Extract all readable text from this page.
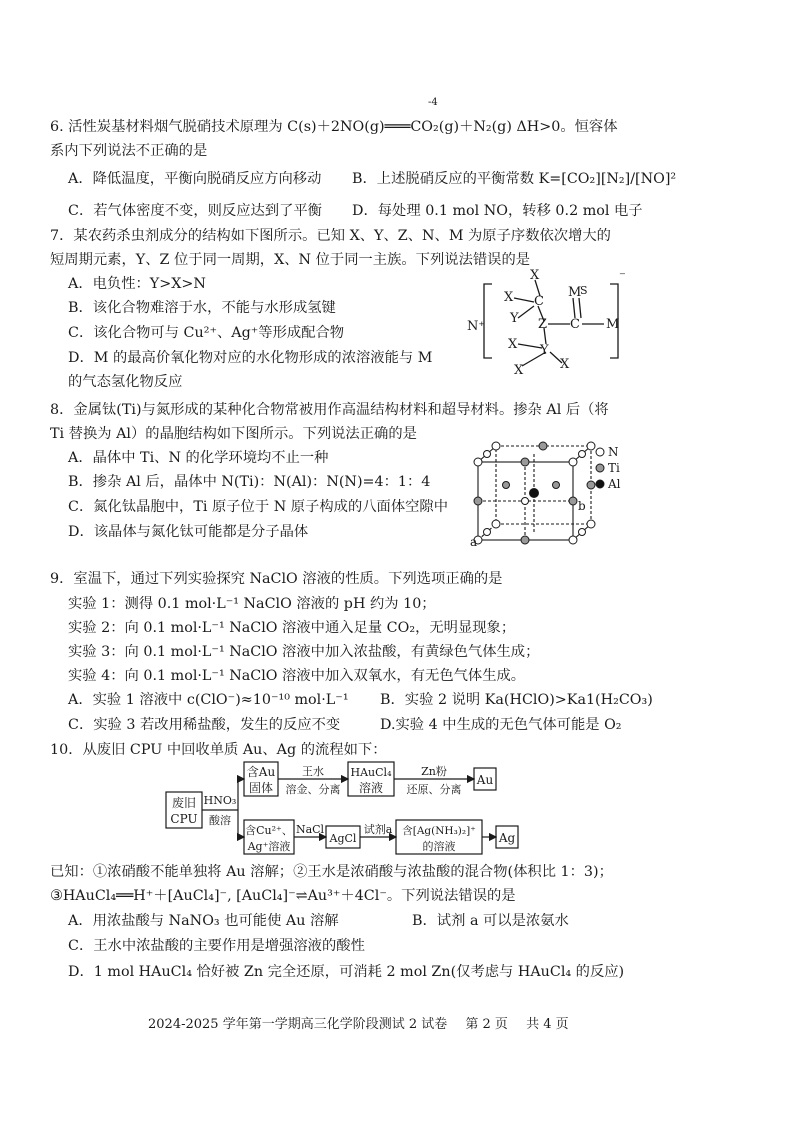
-4
6. 活性炭基材料烟气脱硝技术原理为 C(s)＋2NO(g)═══CO₂(g)＋N₂(g) ΔH>0。恒容体
系内下列说法不正确的是
A．降低温度，平衡向脱硝反应方向移动 B．上述脱硝反应的平衡常数 K=[CO₂][N₂]/[NO]²
C．若气体密度不变，则反应达到了平衡 D．每处理 0.1 mol NO，转移 0.2 mol 电子
7．某农药杀虫剂成分的结构如下图所示。已知 X、Y、Z、N、M 为原子序数依次增大的
短周期元素，Y、Z 位于同一周期，X、N 位于同一主族。下列说法错误的是
A．电负性：Y>X>N
B．该化合物难溶于水，不能与水形成氢键
C．该化合物可与 Cu²⁺、Ag⁺等形成配合物
D．M 的最高价氧化物对应的水化物形成的浓溶液能与 M
的气态氢化物反应
N⁺
⁻
X
X C
Y Z C
M
S
M
X Y
X	X
8．金属钛(Ti)与氮形成的某种化合物常被用作高温结构材料和超导材料。掺杂 Al 后（将
Ti 替换为 Al）的晶胞结构如下图所示。下列说法正确的是
A．晶体中 Ti、N 的化学环境均不止一种
B．掺杂 Al 后，晶体中 N(Ti)：N(Al)：N(N)=4：1：4
C．氮化钛晶胞中，Ti 原子位于 N 原子构成的八面体空隙中
D．该晶体与氮化钛可能都是分子晶体
N
Ti
Al
a
b
9．室温下，通过下列实验探究 NaClO 溶液的性质。下列选项正确的是
实验 1：测得 0.1 mol·L⁻¹ NaClO 溶液的 pH 约为 10；
实验 2：向 0.1 mol·L⁻¹ NaClO 溶液中通入足量 CO₂，无明显现象；
实验 3：向 0.1 mol·L⁻¹ NaClO 溶液中加入浓盐酸，有黄绿色气体生成；
实验 4：向 0.1 mol·L⁻¹ NaClO 溶液中加入双氧水，有无色气体生成。
A．实验 1 溶液中 c(ClO⁻)≈10⁻¹⁰ mol·L⁻¹ B．实验 2 说明 Ka(HClO)>Ka1(H₂CO₃)
C．实验 3 若改用稀盐酸，发生的反应不变	D.实验 4 中生成的无色气体可能是 O₂
10．从废旧 CPU 中回收单质 Au、Ag 的流程如下：
废旧
CPU
HNO₃
酸溶
含Au
固体
王水
溶金、分离
HAuCl₄
溶液
Zn粉
还原、分离
Au
含Cu²⁺、
Ag⁺溶液
NaCl
AgCl
试剂a 含[Ag(NH₃)₂]⁺
的溶液
Ag
已知：①浓硝酸不能单独将 Au 溶解；②王水是浓硝酸与浓盐酸的混合物(体积比 1：3)；
③HAuCl₄══H⁺＋[AuCl₄]⁻, [AuCl₄]⁻⇌Au³⁺＋4Cl⁻。下列说法错误的是
A．用浓盐酸与 NaNO₃ 也可能使 Au 溶解	B．试剂 a 可以是浓氨水
C．王水中浓盐酸的主要作用是增强溶液的酸性
D．1 mol HAuCl₄ 恰好被 Zn 完全还原，可消耗 2 mol Zn(仅考虑与 HAuCl₄ 的反应)
2024-2025 学年第一学期高三化学阶段测试 2 试卷 第 2 页 共 4 页
